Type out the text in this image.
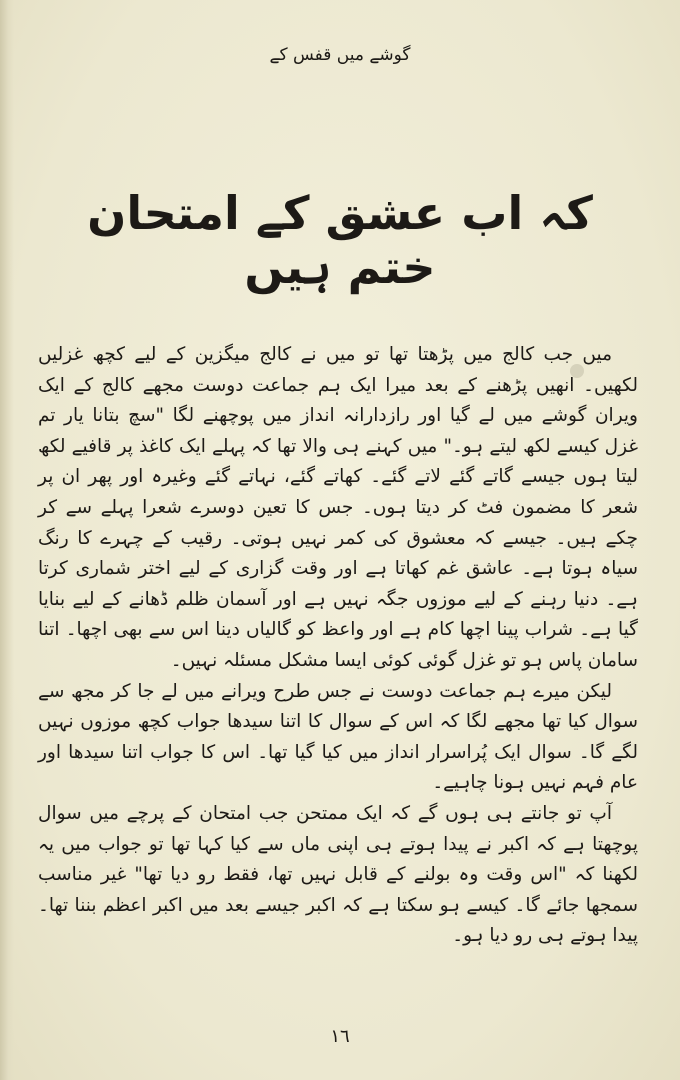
گوشے میں قفس کے
کہ اب عشق کے امتحان ختم ہیں

میں جب کالج میں پڑھتا تھا تو میں نے کالج میگزین کے لیے کچھ غزلیں لکھیں۔ انھیں پڑھنے کے بعد میرا ایک ہم جماعت دوست مجھے کالج کے ایک ویران گوشے میں لے گیا اور رازدارانہ انداز میں پوچھنے لگا "سچ بتانا یار تم غزل کیسے لکھ لیتے ہو۔" میں کہنے ہی والا تھا کہ پہلے ایک کاغذ پر قافیے لکھ لیتا ہوں جیسے گاتے گئے لاتے گئے۔ کھاتے گئے، نہاتے گئے وغیرہ اور پھر ان پر شعر کا مضمون فٹ کر دیتا ہوں۔ جس کا تعین دوسرے شعرا پہلے سے کر چکے ہیں۔ جیسے کہ معشوق کی کمر نہیں ہوتی۔ رقیب کے چہرے کا رنگ سیاہ ہوتا ہے۔ عاشق غم کھاتا ہے اور وقت گزاری کے لیے اختر شماری کرتا ہے۔ دنیا رہنے کے لیے موزوں جگہ نہیں ہے اور آسمان ظلم ڈھانے کے لیے بنایا گیا ہے۔ شراب پینا اچھا کام ہے اور واعظ کو گالیاں دینا اس سے بھی اچھا۔ اتنا سامان پاس ہو تو غزل گوئی کوئی ایسا مشکل مسئلہ نہیں۔

لیکن میرے ہم جماعت دوست نے جس طرح ویرانے میں لے جا کر مجھ سے سوال کیا تھا مجھے لگا کہ اس کے سوال کا اتنا سیدھا جواب کچھ موزوں نہیں لگے گا۔ سوال ایک پُراسرار انداز میں کیا گیا تھا۔ اس کا جواب اتنا سیدھا اور عام فہم نہیں ہونا چاہیے۔

آپ تو جانتے ہی ہوں گے کہ ایک ممتحن جب امتحان کے پرچے میں سوال پوچھتا ہے کہ اکبر نے پیدا ہوتے ہی اپنی ماں سے کیا کہا تھا تو جواب میں یہ لکھنا کہ "اس وقت وہ بولنے کے قابل نہیں تھا، فقط رو دیا تھا" غیر مناسب سمجھا جائے گا۔ کیسے ہو سکتا ہے کہ اکبر جیسے بعد میں اکبر اعظم بننا تھا۔ پیدا ہوتے ہی رو دیا ہو۔

١٦
